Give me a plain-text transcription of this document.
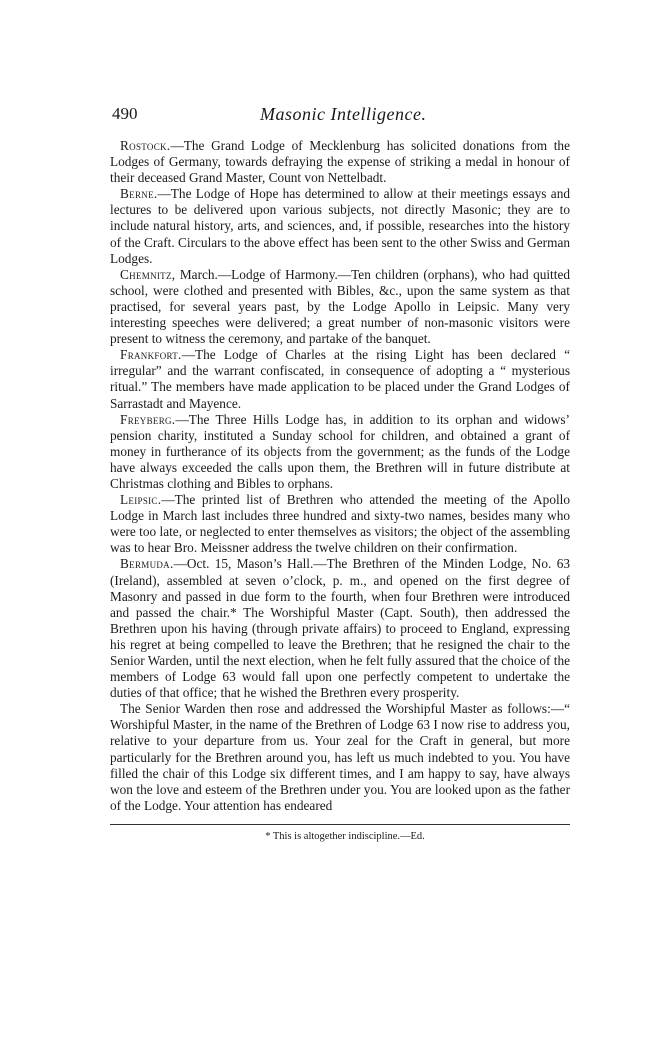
490	Masonic Intelligence.

Rostock.—The Grand Lodge of Mecklenburg has solicited donations from the Lodges of Germany, towards defraying the expense of striking a medal in honour of their deceased Grand Master, Count von Nettelbadt.

Berne.—The Lodge of Hope has determined to allow at their meetings essays and lectures to be delivered upon various subjects, not directly Masonic; they are to include natural history, arts, and sciences, and, if possible, researches into the history of the Craft. Circulars to the above effect has been sent to the other Swiss and German Lodges.

Chemnitz, March.—Lodge of Harmony.—Ten children (orphans), who had quitted school, were clothed and presented with Bibles, &c., upon the same system as that practised, for several years past, by the Lodge Apollo in Leipsic. Many very interesting speeches were delivered; a great number of non-masonic visitors were present to witness the ceremony, and partake of the banquet.

Frankfort.—The Lodge of Charles at the rising Light has been declared “ irregular” and the warrant confiscated, in consequence of adopting a “ mysterious ritual.” The members have made application to be placed under the Grand Lodges of Sarrastadt and Mayence.

Freyberg.—The Three Hills Lodge has, in addition to its orphan and widows’ pension charity, instituted a Sunday school for children, and obtained a grant of money in furtherance of its objects from the government; as the funds of the Lodge have always exceeded the calls upon them, the Brethren will in future distribute at Christmas clothing and Bibles to orphans.

Leipsic.—The printed list of Brethren who attended the meeting of the Apollo Lodge in March last includes three hundred and sixty-two names, besides many who were too late, or neglected to enter themselves as visitors; the object of the assembling was to hear Bro. Meissner address the twelve children on their confirmation.

Bermuda.—Oct. 15, Mason’s Hall.—The Brethren of the Minden Lodge, No. 63 (Ireland), assembled at seven o’clock, p. m., and opened on the first degree of Masonry and passed in due form to the fourth, when four Brethren were introduced and passed the chair.* The Worshipful Master (Capt. South), then addressed the Brethren upon his having (through private affairs) to proceed to England, expressing his regret at being compelled to leave the Brethren; that he resigned the chair to the Senior Warden, until the next election, when he felt fully assured that the choice of the members of Lodge 63 would fall upon one perfectly competent to undertake the duties of that office; that he wished the Brethren every prosperity.

The Senior Warden then rose and addressed the Worshipful Master as follows:—“ Worshipful Master, in the name of the Brethren of Lodge 63 I now rise to address you, relative to your departure from us. Your zeal for the Craft in general, but more particularly for the Brethren around you, has left us much indebted to you. You have filled the chair of this Lodge six different times, and I am happy to say, have always won the love and esteem of the Brethren under you. You are looked upon as the father of the Lodge. Your attention has endeared

* This is altogether indiscipline.—Ed.
